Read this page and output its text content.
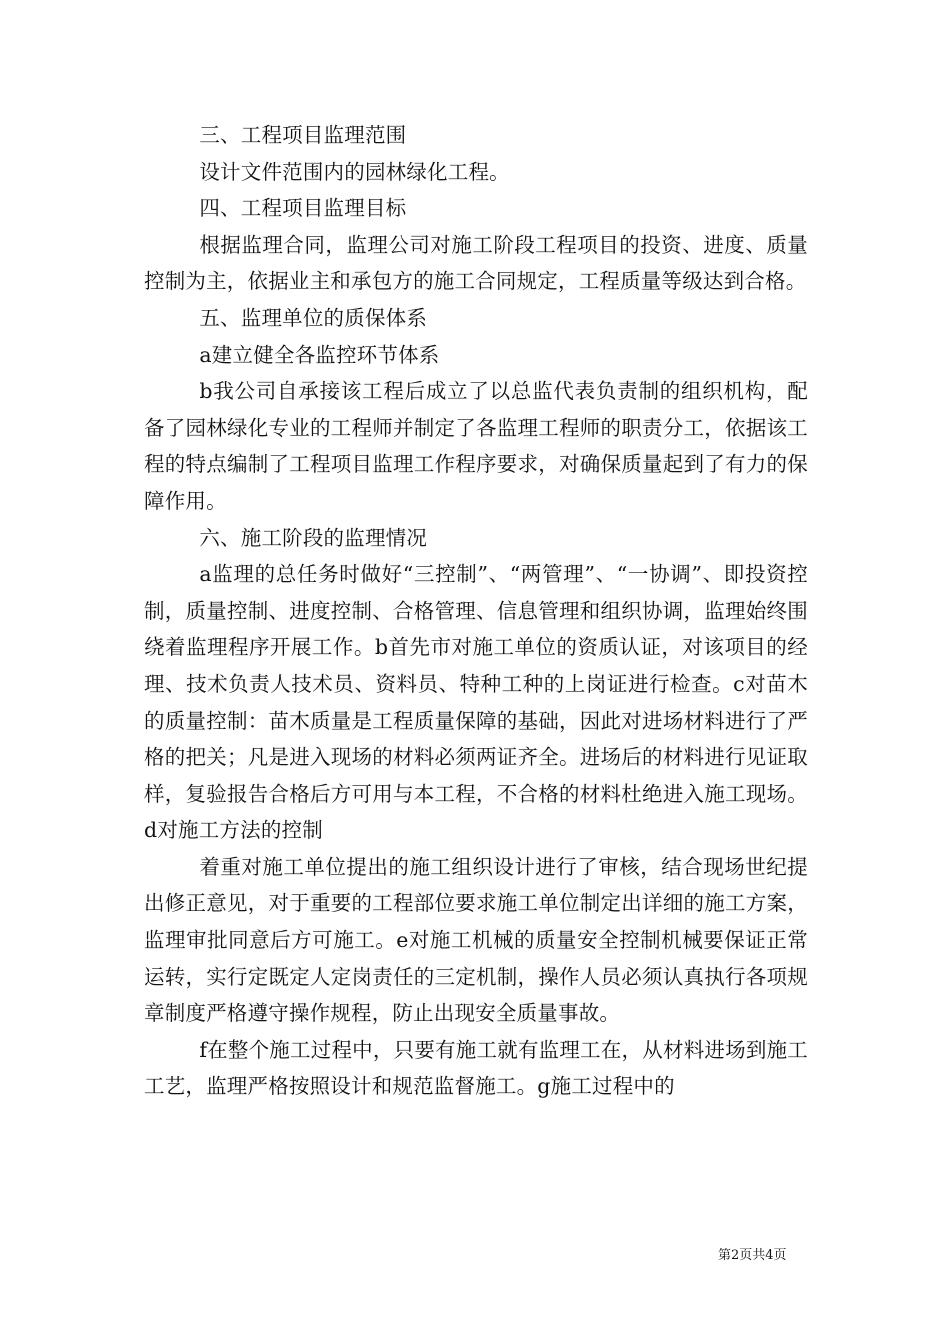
三、工程项目监理范围

设计文件范围内的园林绿化工程。

四、工程项目监理目标

根据监理合同，监理公司对施工阶段工程项目的投资、进度、质量控制为主，依据业主和承包方的施工合同规定，工程质量等级达到合格。

五、监理单位的质保体系

a建立健全各监控环节体系

b我公司自承接该工程后成立了以总监代表负责制的组织机构，配备了园林绿化专业的工程师并制定了各监理工程师的职责分工，依据该工程的特点编制了工程项目监理工作程序要求，对确保质量起到了有力的保障作用。

六、施工阶段的监理情况

a监理的总任务时做好“三控制”、“两管理”、“一协调”、即投资控制，质量控制、进度控制、合格管理、信息管理和组织协调，监理始终围绕着监理程序开展工作。b首先市对施工单位的资质认证，对该项目的经理、技术负责人技术员、资料员、特种工种的上岗证进行检查。c对苗木的质量控制：苗木质量是工程质量保障的基础，因此对进场材料进行了严格的把关；凡是进入现场的材料必须两证齐全。进场后的材料进行见证取样，复验报告合格后方可用与本工程，不合格的材料杜绝进入施工现场。d对施工方法的控制

着重对施工单位提出的施工组织设计进行了审核，结合现场世纪提出修正意见，对于重要的工程部位要求施工单位制定出详细的施工方案，监理审批同意后方可施工。e对施工机械的质量安全控制机械要保证正常运转，实行定既定人定岗责任的三定机制，操作人员必须认真执行各项规章制度严格遵守操作规程，防止出现安全质量事故。

f在整个施工过程中，只要有施工就有监理工在，从材料进场到施工工艺，监理严格按照设计和规范监督施工。g施工过程中的

第2页共4页
